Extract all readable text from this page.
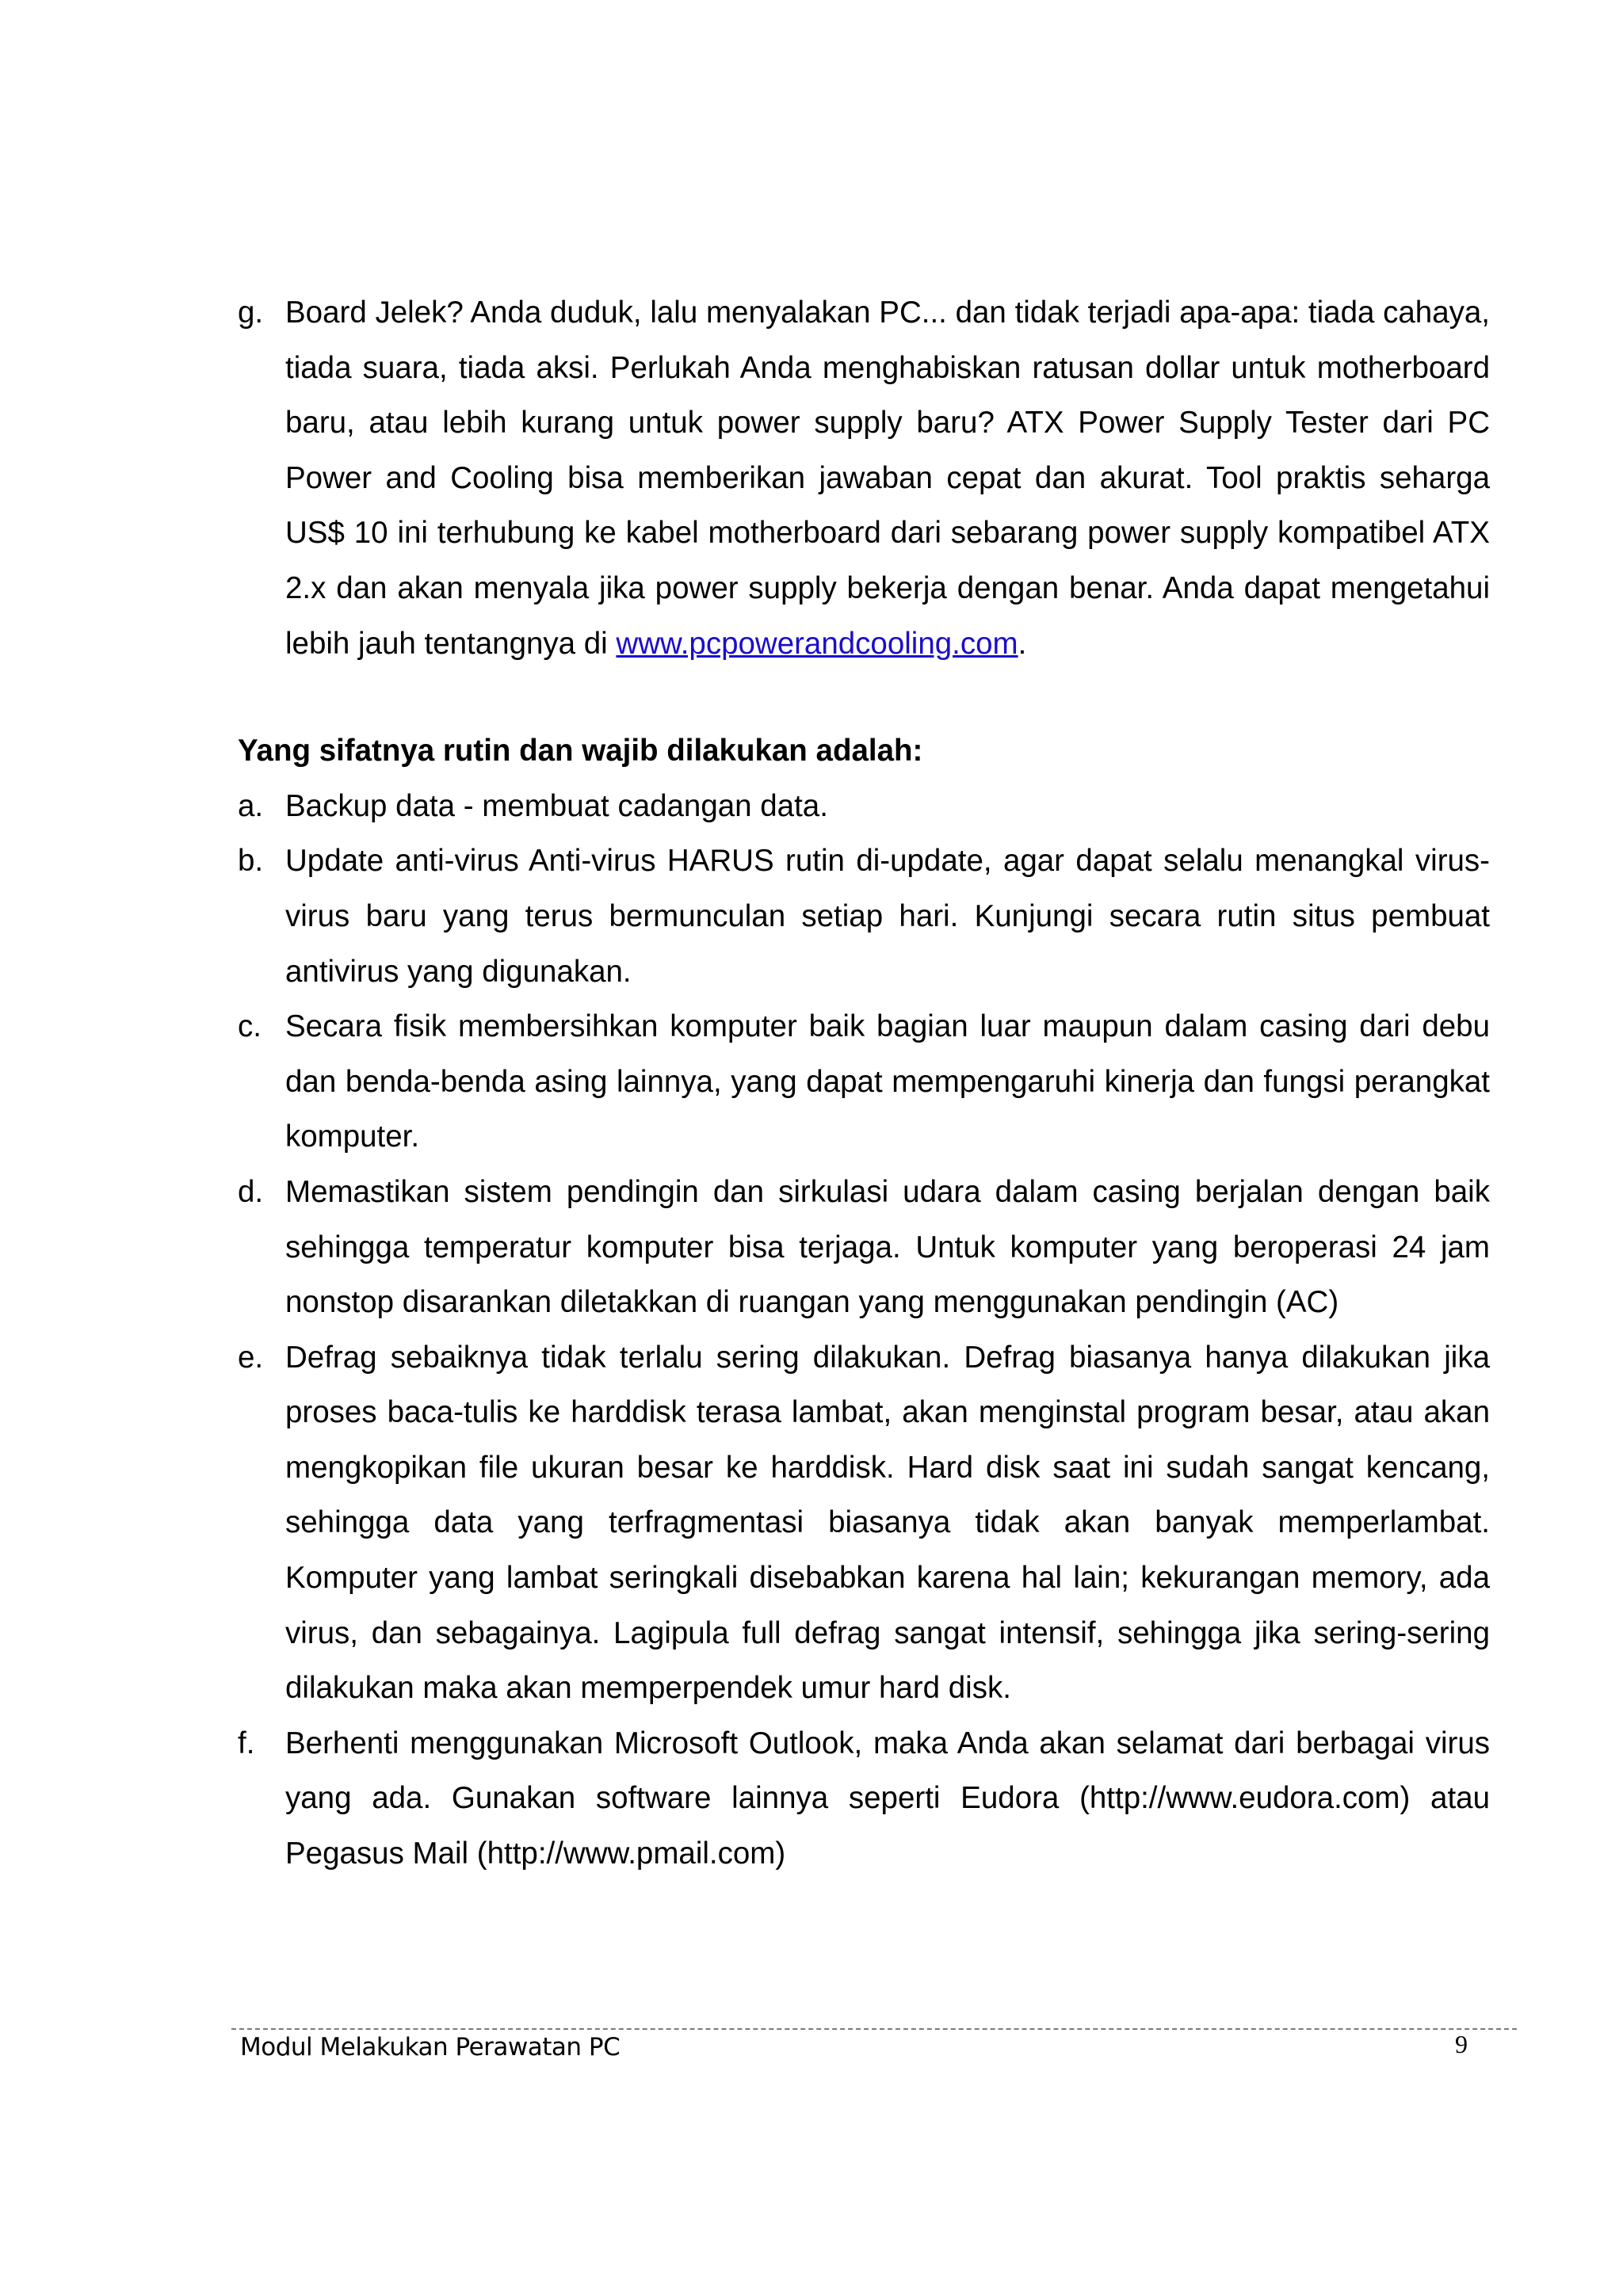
g. Board Jelek? Anda duduk, lalu menyalakan PC... dan tidak terjadi apa-apa: tiada cahaya, tiada suara, tiada aksi. Perlukah Anda menghabiskan ratusan dollar untuk motherboard baru, atau lebih kurang untuk power supply baru? ATX Power Supply Tester dari PC Power and Cooling bisa memberikan jawaban cepat dan akurat. Tool praktis seharga US$ 10 ini terhubung ke kabel motherboard dari sebarang power supply kompatibel ATX 2.x dan akan menyala jika power supply bekerja dengan benar. Anda dapat mengetahui lebih jauh tentangnya di www.pcpowerandcooling.com.
Yang sifatnya rutin dan wajib dilakukan adalah:
a. Backup data - membuat cadangan data.
b. Update anti-virus Anti-virus HARUS rutin di-update, agar dapat selalu menangkal virus-virus baru yang terus bermunculan setiap hari. Kunjungi secara rutin situs pembuat antivirus yang digunakan.
c. Secara fisik membersihkan komputer baik bagian luar maupun dalam casing dari debu dan benda-benda asing lainnya, yang dapat mempengaruhi kinerja dan fungsi perangkat komputer.
d. Memastikan sistem pendingin dan sirkulasi udara dalam casing berjalan dengan baik sehingga temperatur komputer bisa terjaga. Untuk komputer yang beroperasi 24 jam nonstop disarankan diletakkan di ruangan yang menggunakan pendingin (AC)
e. Defrag sebaiknya tidak terlalu sering dilakukan. Defrag biasanya hanya dilakukan jika proses baca-tulis ke harddisk terasa lambat, akan menginstal program besar, atau akan mengkopikan file ukuran besar ke harddisk. Hard disk saat ini sudah sangat kencang, sehingga data yang terfragmentasi biasanya tidak akan banyak memperlambat. Komputer yang lambat seringkali disebabkan karena hal lain; kekurangan memory, ada virus, dan sebagainya. Lagipula full defrag sangat intensif, sehingga jika sering-sering dilakukan maka akan memperpendek umur hard disk.
f. Berhenti menggunakan Microsoft Outlook, maka Anda akan selamat dari berbagai virus yang ada. Gunakan software lainnya seperti Eudora (http://www.eudora.com) atau Pegasus Mail (http://www.pmail.com)
Modul Melakukan Perawatan PC	9
